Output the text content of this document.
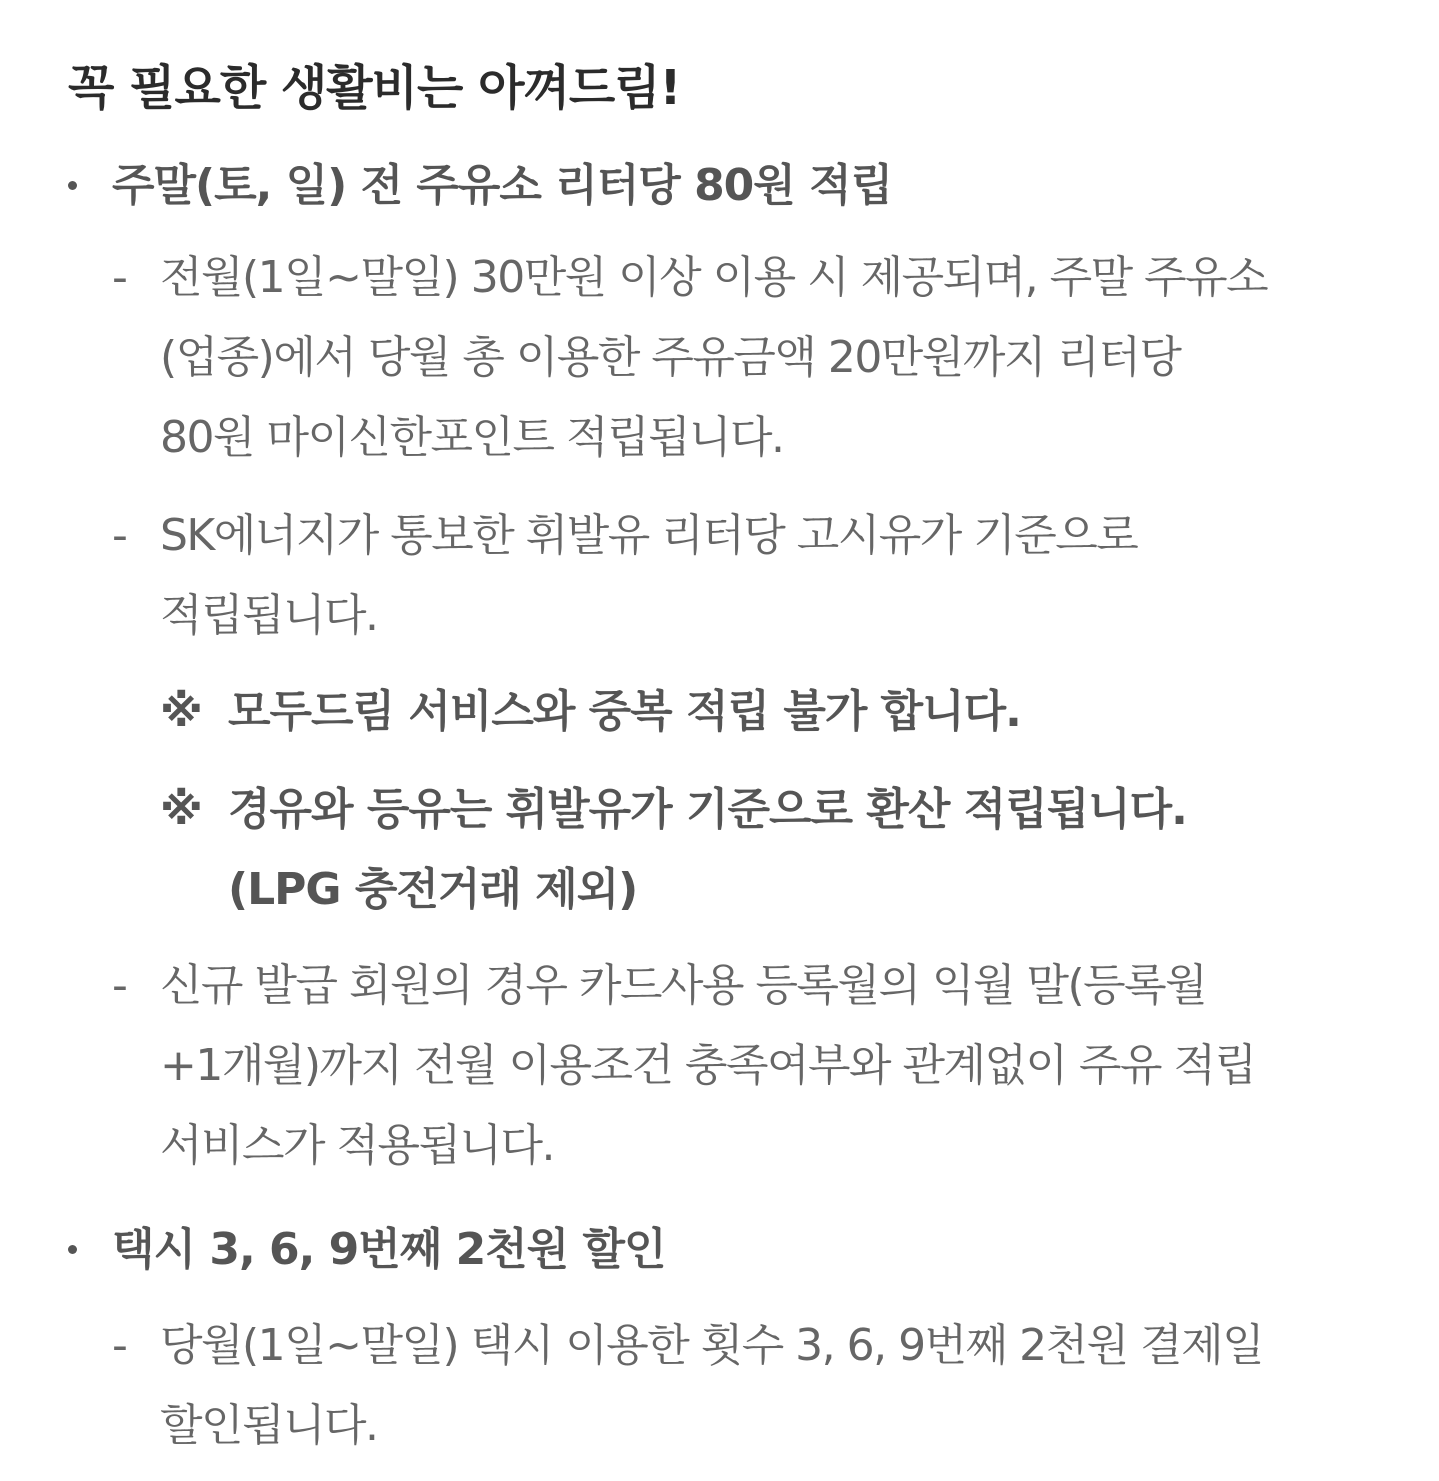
꼭 필요한 생활비는 아껴드림!
주말(토, 일) 전 주유소 리터당 80원 적립
- 전월(1일~말일) 30만원 이상 이용 시 제공되며, 주말 주유소
(업종)에서 당월 총 이용한 주유금액 20만원까지 리터당
80원 마이신한포인트 적립됩니다.
- SK에너지가 통보한 휘발유 리터당 고시유가 기준으로
적립됩니다.
※ 모두드림 서비스와 중복 적립 불가 합니다.
※ 경유와 등유는 휘발유가 기준으로 환산 적립됩니다.
(LPG 충전거래 제외)
- 신규 발급 회원의 경우 카드사용 등록월의 익월 말(등록월
+1개월)까지 전월 이용조건 충족여부와 관계없이 주유 적립
서비스가 적용됩니다.
택시 3, 6, 9번째 2천원 할인
- 당월(1일~말일) 택시 이용한 횟수 3, 6, 9번째 2천원 결제일
할인됩니다.
